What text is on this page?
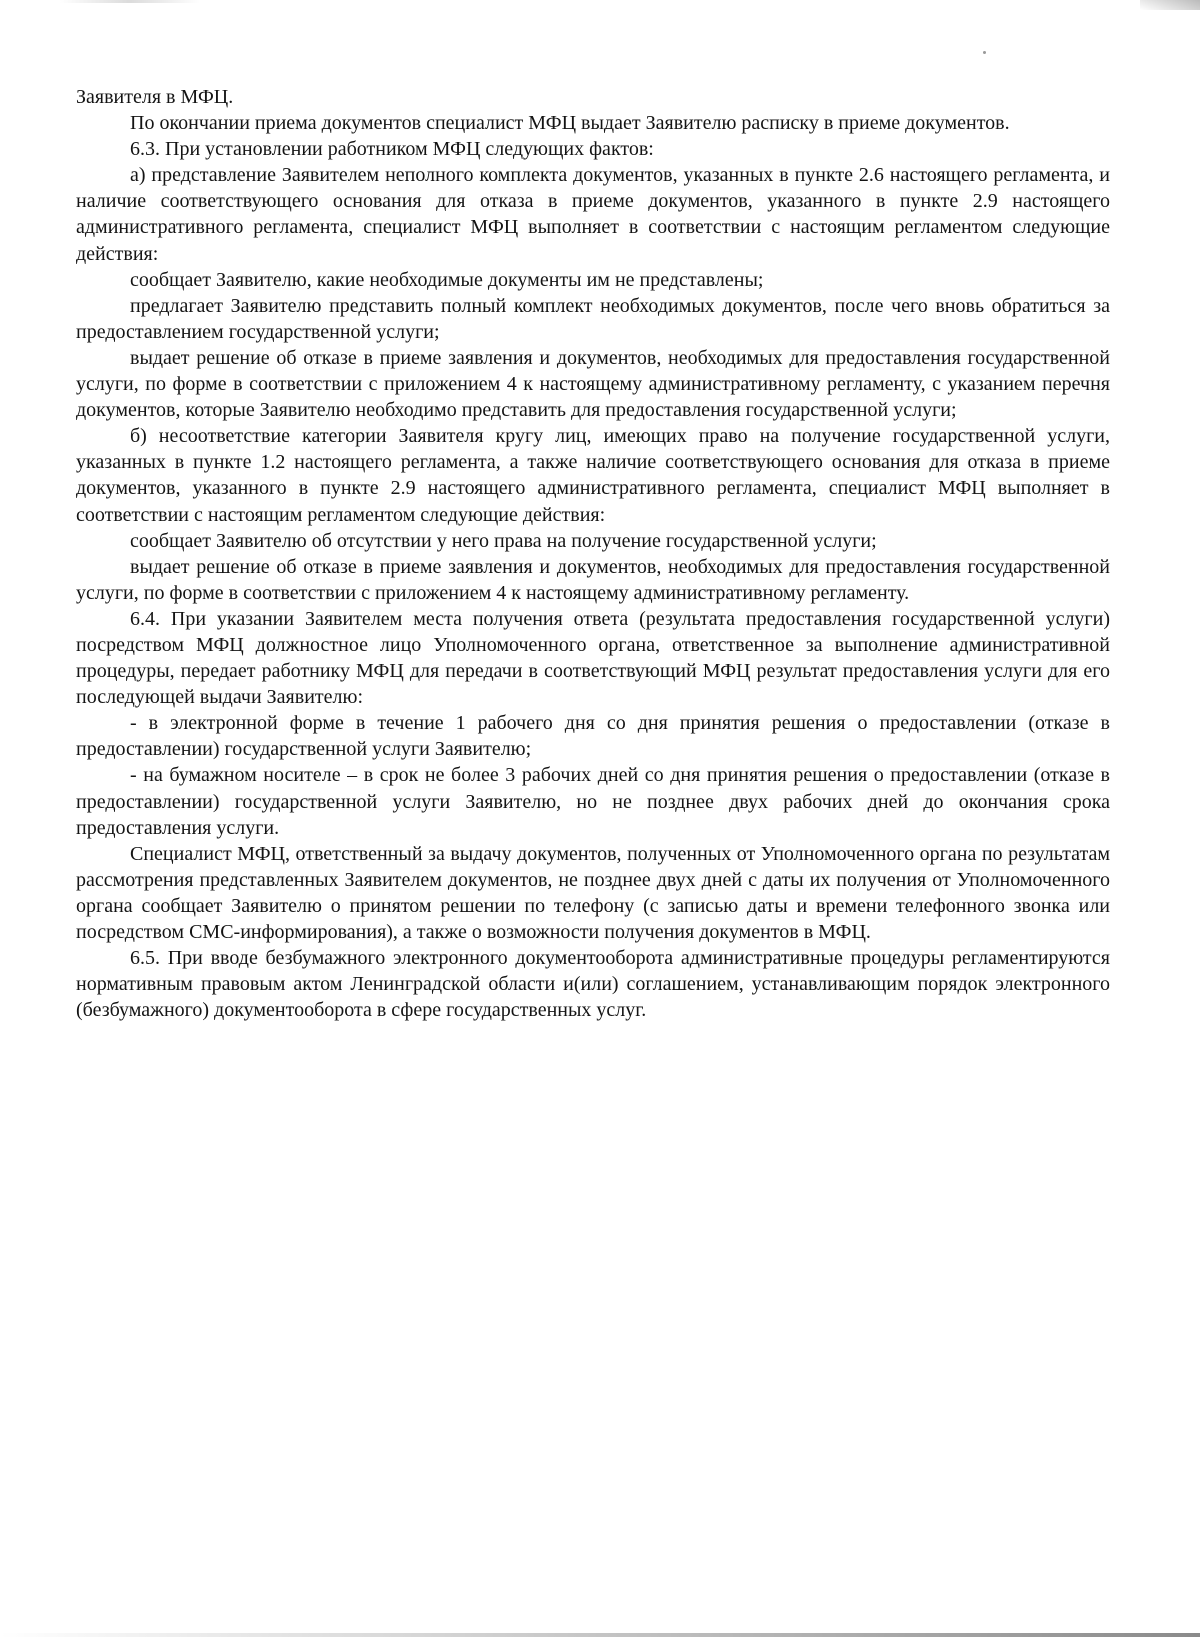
Заявителя в МФЦ.

По окончании приема документов специалист МФЦ выдает Заявителю расписку в приеме документов.

6.3. При установлении работником МФЦ следующих фактов:

а) представление Заявителем неполного комплекта документов, указанных в пункте 2.6 настоящего регламента, и наличие соответствующего основания для отказа в приеме документов, указанного в пункте 2.9 настоящего административного регламента, специалист МФЦ выполняет в соответствии с настоящим регламентом следующие действия:

сообщает Заявителю, какие необходимые документы им не представлены;

предлагает Заявителю представить полный комплект необходимых документов, после чего вновь обратиться за предоставлением государственной услуги;

выдает решение об отказе в приеме заявления и документов, необходимых для предоставления государственной услуги, по форме в соответствии с приложением 4 к настоящему административному регламенту, с указанием перечня документов, которые Заявителю необходимо представить для предоставления государственной услуги;

б) несоответствие категории Заявителя кругу лиц, имеющих право на получение государственной услуги, указанных в пункте 1.2 настоящего регламента, а также наличие соответствующего основания для отказа в приеме документов, указанного в пункте 2.9 настоящего административного регламента, специалист МФЦ выполняет в соответствии с настоящим регламентом следующие действия:

сообщает Заявителю об отсутствии у него права на получение государственной услуги;

выдает решение об отказе в приеме заявления и документов, необходимых для предоставления государственной услуги, по форме в соответствии с приложением 4 к настоящему административному регламенту.

6.4. При указании Заявителем места получения ответа (результата предоставления государственной услуги) посредством МФЦ должностное лицо Уполномоченного органа, ответственное за выполнение административной процедуры, передает работнику МФЦ для передачи в соответствующий МФЦ результат предоставления услуги для его последующей выдачи Заявителю:

- в электронной форме в течение 1 рабочего дня со дня принятия решения о предоставлении (отказе в предоставлении) государственной услуги Заявителю;

- на бумажном носителе – в срок не более 3 рабочих дней со дня принятия решения о предоставлении (отказе в предоставлении) государственной услуги Заявителю, но не позднее двух рабочих дней до окончания срока предоставления услуги.

Специалист МФЦ, ответственный за выдачу документов, полученных от Уполномоченного органа по результатам рассмотрения представленных Заявителем документов, не позднее двух дней с даты их получения от Уполномоченного органа сообщает Заявителю о принятом решении по телефону (с записью даты и времени телефонного звонка или посредством СМС-информирования), а также о возможности получения документов в МФЦ.

6.5. При вводе безбумажного электронного документооборота административные процедуры регламентируются нормативным правовым актом Ленинградской области и(или) соглашением, устанавливающим порядок электронного (безбумажного) документооборота в сфере государственных услуг.
